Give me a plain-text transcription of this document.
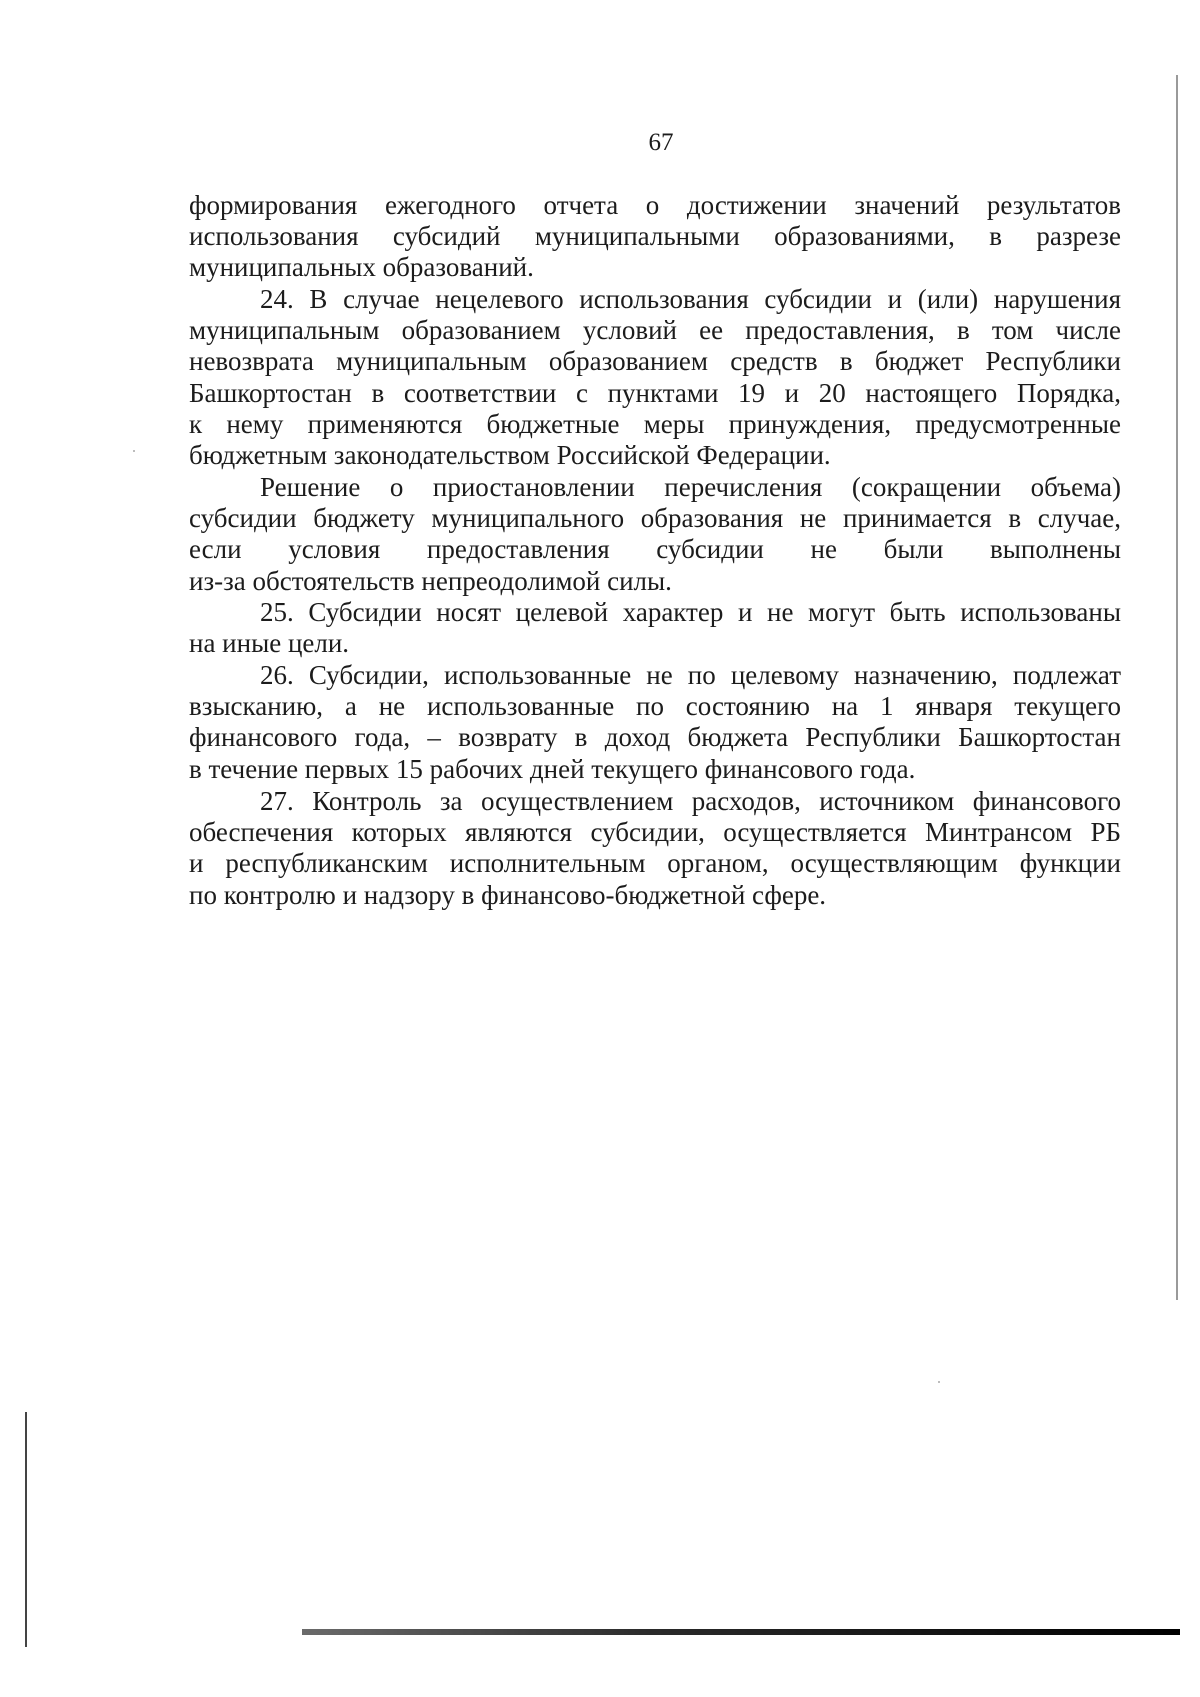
67
формирования ежегодного отчета о достижении значений результатов
использования субсидий муниципальными образованиями, в разрезе
муниципальных образований.
24. В случае нецелевого использования субсидии и (или) нарушения
муниципальным образованием условий ее предоставления, в том числе
невозврата муниципальным образованием средств в бюджет Республики
Башкортостан в соответствии с пунктами 19 и 20 настоящего Порядка,
к нему применяются бюджетные меры принуждения, предусмотренные
бюджетным законодательством Российской Федерации.
Решение о приостановлении перечисления (сокращении объема)
субсидии бюджету муниципального образования не принимается в случае,
если условия предоставления субсидии не были выполнены
из-за обстоятельств непреодолимой силы.
25. Субсидии носят целевой характер и не могут быть использованы
на иные цели.
26. Субсидии, использованные не по целевому назначению, подлежат
взысканию, а не использованные по состоянию на 1 января текущего
финансового года, – возврату в доход бюджета Республики Башкортостан
в течение первых 15 рабочих дней текущего финансового года.
27. Контроль за осуществлением расходов, источником финансового
обеспечения которых являются субсидии, осуществляется Минтрансом РБ
и республиканским исполнительным органом, осуществляющим функции
по контролю и надзору в финансово-бюджетной сфере.
